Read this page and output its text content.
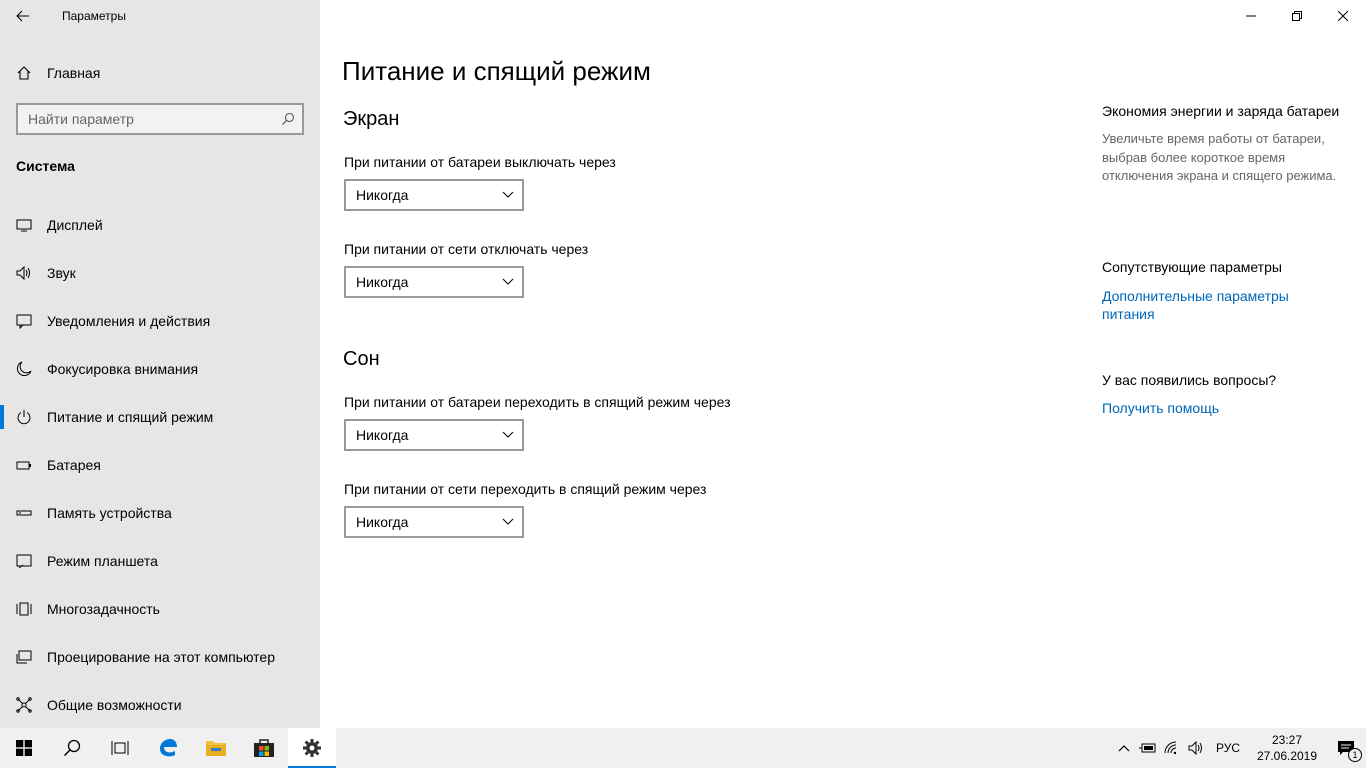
Параметры
Главная
Найти параметр
Система
Дисплей
Звук
Уведомления и действия
Фокусировка внимания
Питание и спящий режим
Батарея
Память устройства
Режим планшета
Многозадачность
Проецирование на этот компьютер
Общие возможности
Питание и спящий режим
Экран
При питании от батареи выключать через
Никогда
При питании от сети отключать через
Никогда
Сон
При питании от батареи переходить в спящий режим через
Никогда
При питании от сети переходить в спящий режим через
Никогда
Экономия энергии и заряда батареи
Увеличьте время работы от батареи, выбрав более короткое время отключения экрана и спящего режима.
Сопутствующие параметры
Дополнительные параметры питания
У вас появились вопросы?
Получить помощь
РУС
23:27
27.06.2019	1
